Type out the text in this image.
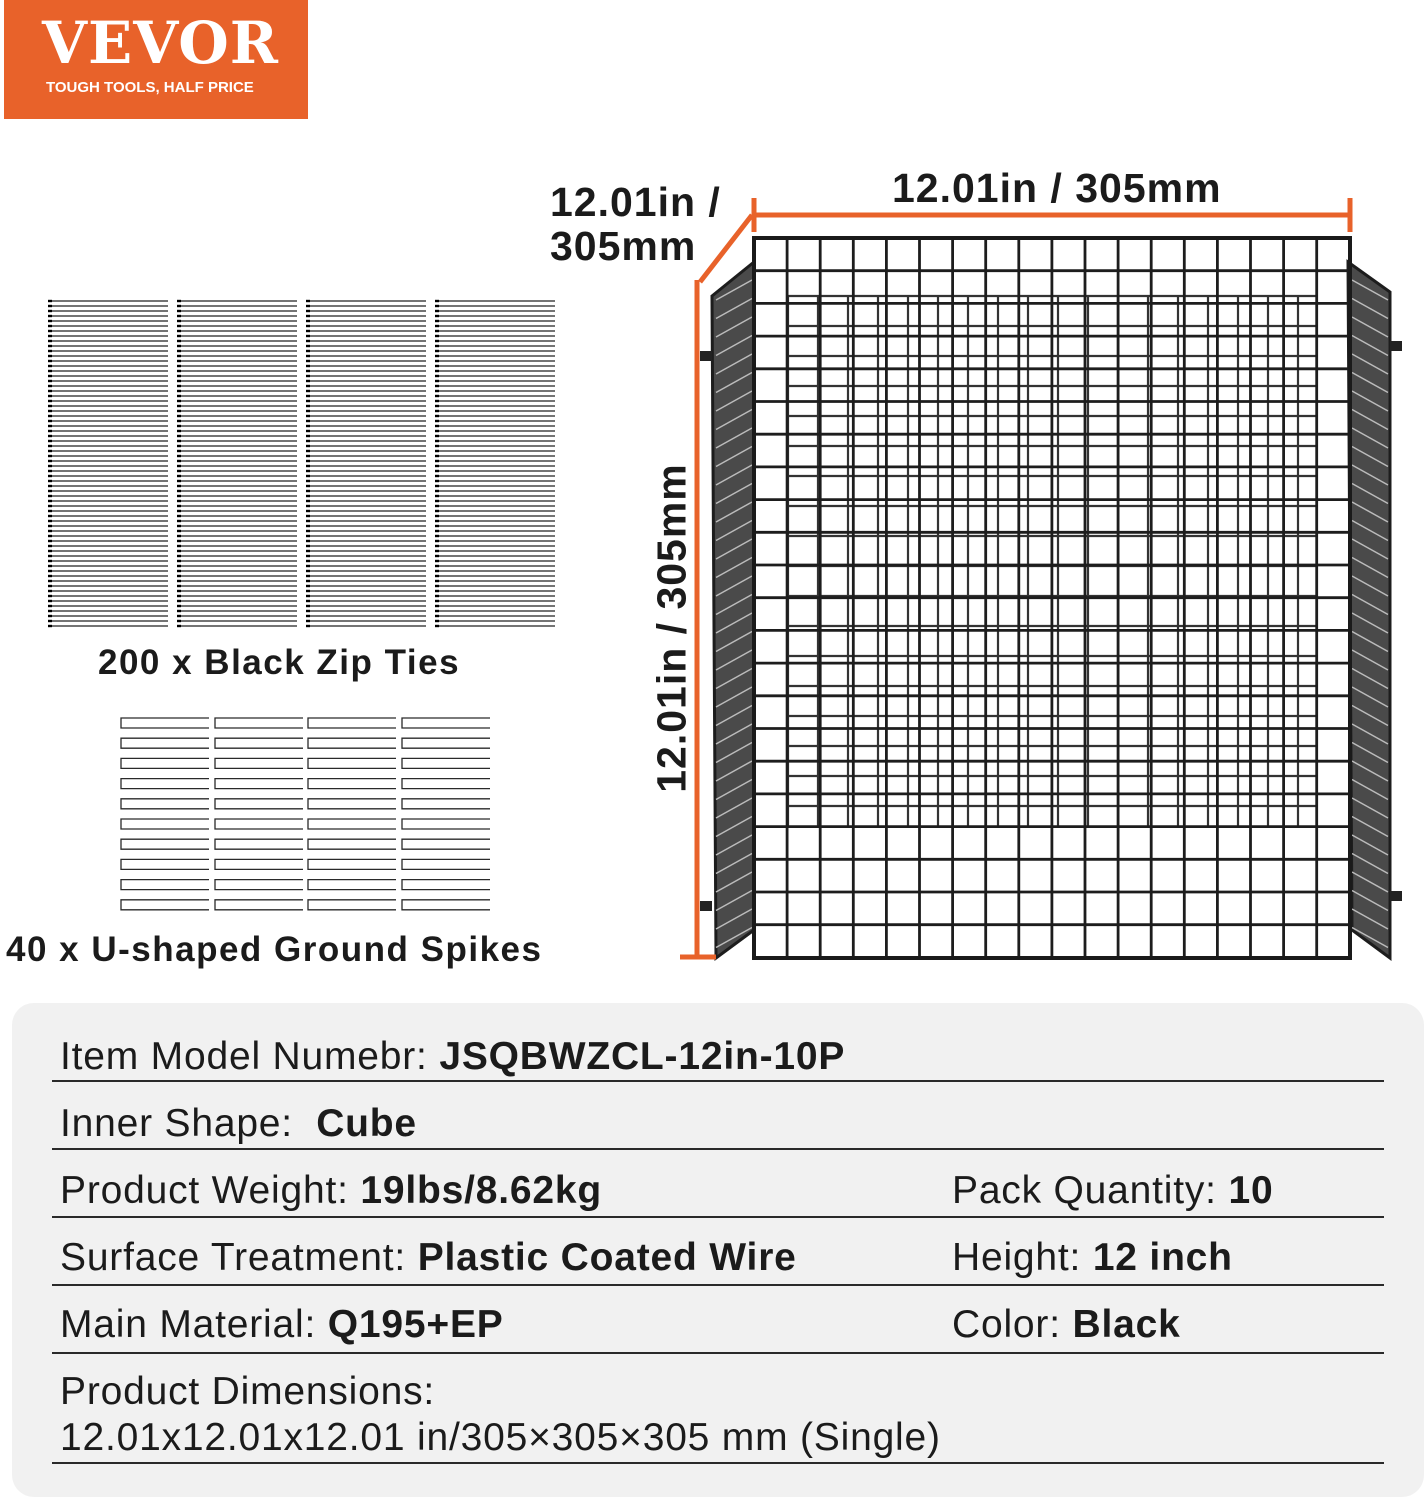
VEVOR
TOUGH TOOLS, HALF PRICE
12.01in /
305mm
12.01in / 305mm
12.01in / 305mm
200 x Black Zip Ties
40 x U-shaped Ground Spikes
Item Model Numebr: JSQBWZCL-12in-10P
Inner Shape: Cube
Product Weight: 19lbs/8.62kg	Pack Quantity: 10
Surface Treatment: Plastic Coated Wire	Height: 12 inch
Main Material: Q195+EP	Color: Black
Product Dimensions:
12.01x12.01x12.01 in/305×305×305 mm (Single)
